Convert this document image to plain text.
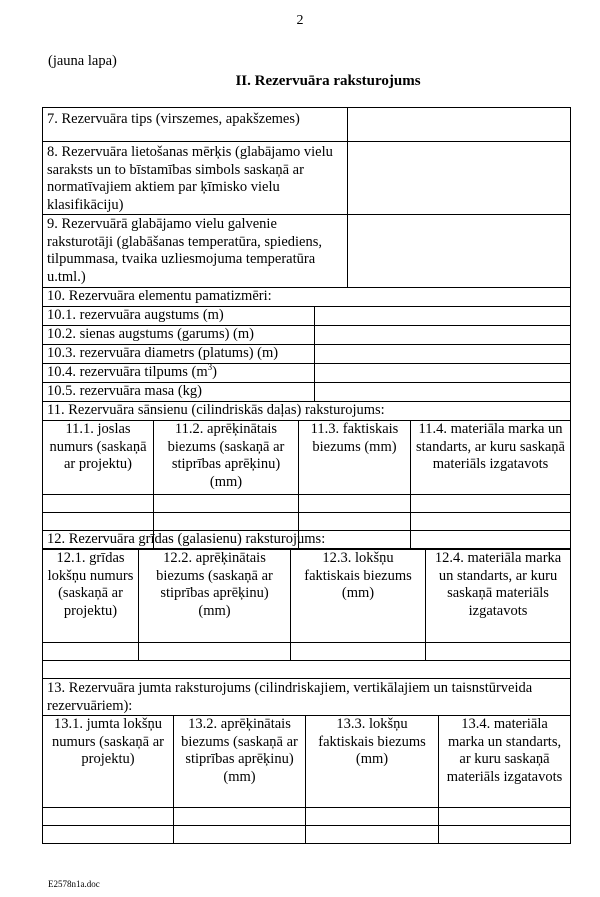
2
(jauna lapa)
II. Rezervuāra raksturojums
7. Rezervuāra tips (virszemes, apakšzemes)	
8. Rezervuāra lietošanas mērķis (glabājamo vielu saraksts un to bīstamības simbols saskaņā ar normatīvajiem aktiem par ķīmisko vielu klasifikāciju)	
9. Rezervuārā glabājamo vielu galvenie raksturotāji (glabāšanas temperatūra, spiediens, tilpummasa, tvaika uzliesmojuma temperatūra u.tml.)	
10. Rezervuāra elementu pamatizmēri:	
10.1. rezervuāra augstums (m)	
10.2. sienas augstums (garums) (m)	
10.3. rezervuāra diametrs (platums) (m)	
10.4. rezervuāra tilpums $(m^3)$	
10.5. rezervuāra masa (kg)	
11. Rezervuāra sānsienu (cilindriskās daļas) raksturojums:			
11.1. joslas numurs (saskaņā ar projektu)	11.2. aprēķinātais biezums (saskaņā ar stiprības aprēķinu) (mm)	11.3. faktiskais biezums (mm)	11.4. materiāla marka un standarts, ar kuru saskaņā materiāls izgatavots

12. Rezervuāra grīdas (galasienu) raksturojums:			
12.1. grīdas lokšņu numurs (saskaņā ar projektu)	12.2. aprēķinātais biezums (saskaņā ar stiprības aprēķinu) (mm)	12.3. lokšņu faktiskais biezums (mm)	12.4. materiāla marka un standarts, ar kuru saskaņā materiāls izgatavots

13. Rezervuāra jumta raksturojums (cilindriskajiem, vertikālajiem un taisnstūrveida rezervuāriem):			
13.1. jumta lokšņu numurs (saskaņā ar projektu)	13.2. aprēķinātais biezums (saskaņā ar stiprības aprēķinu) (mm)	13.3. lokšņu faktiskais biezums (mm)	13.4. materiāla marka un standarts, ar kuru saskaņā materiāls izgatavots

E2578n1a.doc
